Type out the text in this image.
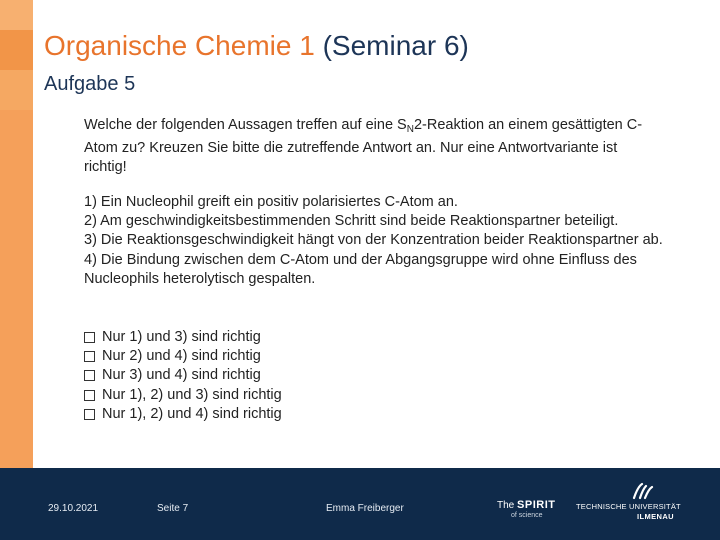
Organische Chemie 1 (Seminar 6)
Aufgabe 5
Welche der folgenden Aussagen treffen auf eine $S_N2$-Reaktion an einem gesättigten C-Atom zu? Kreuzen Sie bitte die zutreffende Antwort an. Nur eine Antwortvariante ist richtig!
1) Ein Nucleophil greift ein positiv polarisiertes C-Atom an.
2) Am geschwindigkeitsbestimmenden Schritt sind beide Reaktionspartner beteiligt.
3) Die Reaktionsgeschwindigkeit hängt von der Konzentration beider Reaktionspartner ab.
4) Die Bindung zwischen dem C-Atom und der Abgangsgruppe wird ohne Einfluss des Nucleophils heterolytisch gespalten.
Nur 1) und 3) sind richtig
Nur 2) und 4) sind richtig
Nur 3) und 4) sind richtig
Nur 1), 2) und 3) sind richtig
Nur 1), 2) und 4) sind richtig
29.10.2021	Seite 7	Emma Freiberger	The SPIRIT
of science
TECHNISCHE UNIVERSITÄT
ILMENAU
